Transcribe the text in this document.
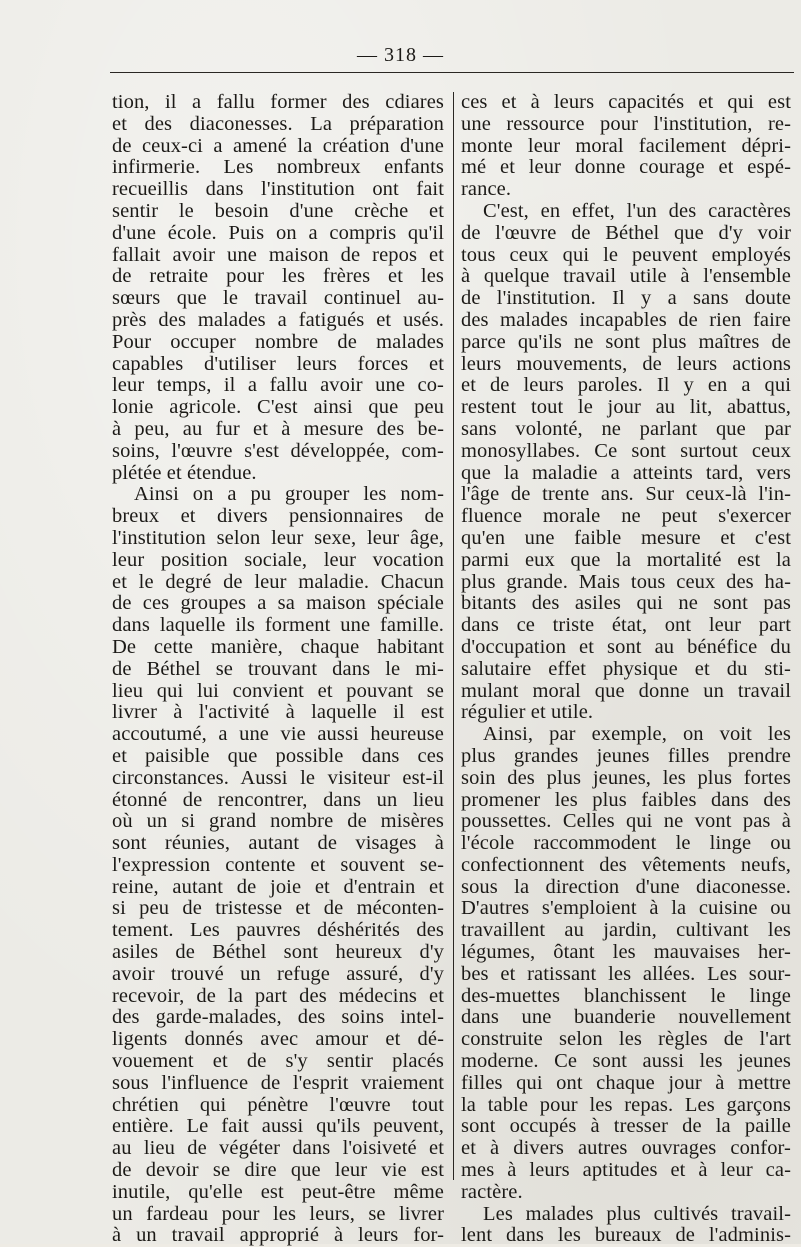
— 318 —

tion, il a fallu former des cdiares

et des diaconesses. La préparation

de ceux-ci a amené la création d'une

infirmerie. Les nombreux enfants

recueillis dans l'institution ont fait

sentir le besoin d'une crèche et

d'une école. Puis on a compris qu'il

fallait avoir une maison de repos et

de retraite pour les frères et les

sœurs que le travail continuel au-

près des malades a fatigués et usés.

Pour occuper nombre de malades

capables d'utiliser leurs forces et

leur temps, il a fallu avoir une co-

lonie agricole. C'est ainsi que peu

à peu, au fur et à mesure des be-

soins, l'œuvre s'est développée, com-

plétée et étendue.

Ainsi on a pu grouper les nom-

breux et divers pensionnaires de

l'institution selon leur sexe, leur âge,

leur position sociale, leur vocation

et le degré de leur maladie. Chacun

de ces groupes a sa maison spéciale

dans laquelle ils forment une famille.

De cette manière, chaque habitant

de Béthel se trouvant dans le mi-

lieu qui lui convient et pouvant se

livrer à l'activité à laquelle il est

accoutumé, a une vie aussi heureuse

et paisible que possible dans ces

circonstances. Aussi le visiteur est-il

étonné de rencontrer, dans un lieu

où un si grand nombre de misères

sont réunies, autant de visages à

l'expression contente et souvent se-

reine, autant de joie et d'entrain et

si peu de tristesse et de méconten-

tement. Les pauvres déshérités des

asiles de Béthel sont heureux d'y

avoir trouvé un refuge assuré, d'y

recevoir, de la part des médecins et

des garde-malades, des soins intel-

ligents donnés avec amour et dé-

vouement et de s'y sentir placés

sous l'influence de l'esprit vraiement

chrétien qui pénètre l'œuvre tout

entière. Le fait aussi qu'ils peuvent,

au lieu de végéter dans l'oisiveté et

de devoir se dire que leur vie est

inutile, qu'elle est peut-être même

un fardeau pour les leurs, se livrer

à un travail approprié à leurs for-

ces et à leurs capacités et qui est

une ressource pour l'institution, re-

monte leur moral facilement dépri-

mé et leur donne courage et espé-

rance.

C'est, en effet, l'un des caractères

de l'œuvre de Béthel que d'y voir

tous ceux qui le peuvent employés

à quelque travail utile à l'ensemble

de l'institution. Il y a sans doute

des malades incapables de rien faire

parce qu'ils ne sont plus maîtres de

leurs mouvements, de leurs actions

et de leurs paroles. Il y en a qui

restent tout le jour au lit, abattus,

sans volonté, ne parlant que par

monosyllabes. Ce sont surtout ceux

que la maladie a atteints tard, vers

l'âge de trente ans. Sur ceux-là l'in-

fluence morale ne peut s'exercer

qu'en une faible mesure et c'est

parmi eux que la mortalité est la

plus grande. Mais tous ceux des ha-

bitants des asiles qui ne sont pas

dans ce triste état, ont leur part

d'occupation et sont au bénéfice du

salutaire effet physique et du sti-

mulant moral que donne un travail

régulier et utile.

Ainsi, par exemple, on voit les

plus grandes jeunes filles prendre

soin des plus jeunes, les plus fortes

promener les plus faibles dans des

poussettes. Celles qui ne vont pas à

l'école raccommodent le linge ou

confectionnent des vêtements neufs,

sous la direction d'une diaconesse.

D'autres s'emploient à la cuisine ou

travaillent au jardin, cultivant les

légumes, ôtant les mauvaises her-

bes et ratissant les allées. Les sour-

des-muettes blanchissent le linge

dans une buanderie nouvellement

construite selon les règles de l'art

moderne. Ce sont aussi les jeunes

filles qui ont chaque jour à mettre

la table pour les repas. Les garçons

sont occupés à tresser de la paille

et à divers autres ouvrages confor-

mes à leurs aptitudes et à leur ca-

ractère.

Les malades plus cultivés travail-

lent dans les bureaux de l'adminis-
